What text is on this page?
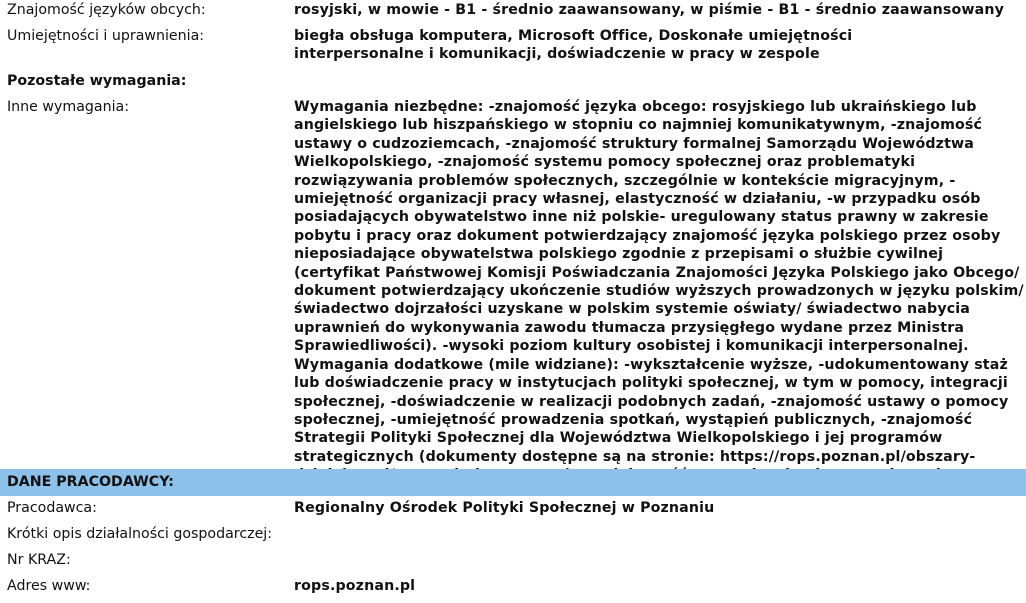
Znajomość języków obcych:	rosyjski, w mowie - B1 - średnio zaawansowany, w piśmie - B1 - średnio zaawansowany
Umiejętności i uprawnienia:	biegła obsługa komputera, Microsoft Office, Doskonałe umiejętności interpersonalne i komunikacji, doświadczenie w pracy w zespole
Pozostałe wymagania:
Inne wymagania:	Wymagania niezbędne: -znajomość języka obcego: rosyjskiego lub ukraińskiego lub angielskiego lub hiszpańskiego w stopniu co najmniej komunikatywnym, -znajomość ustawy o cudzoziemcach, -znajomość struktury formalnej Samorządu Województwa Wielkopolskiego, -znajomość systemu pomocy społecznej oraz problematyki rozwiązywania problemów społecznych, szczególnie w kontekście migracyjnym, -umiejętność organizacji pracy własnej, elastyczność w działaniu, -w przypadku osób posiadających obywatelstwo inne niż polskie- uregulowany status prawny w zakresie pobytu i pracy oraz dokument potwierdzający znajomość języka polskiego przez osoby nieposiadające obywatelstwa polskiego zgodnie z przepisami o służbie cywilnej (certyfikat Państwowej Komisji Poświadczania Znajomości Języka Polskiego jako Obcego/ dokument potwierdzający ukończenie studiów wyższych prowadzonych w języku polskim/ świadectwo dojrzałości uzyskane w polskim systemie oświaty/ świadectwo nabycia uprawnień do wykonywania zawodu tłumacza przysięgłego wydane przez Ministra Sprawiedliwości). -wysoki poziom kultury osobistej i komunikacji interpersonalnej. Wymagania dodatkowe (mile widziane): -wykształcenie wyższe, -udokumentowany staż lub doświadczenie pracy w instytucjach polityki społecznej, w tym w pomocy, integracji społecznej, -doświadczenie w realizacji podobnych zadań, -znajomość ustawy o pomocy społecznej, -umiejętność prowadzenia spotkań, wystąpień publicznych, -znajomość Strategii Polityki Społecznej dla Województwa Wielkopolskiego i jej programów strategicznych (dokumenty dostępne są na stronie: https://rops.poznan.pl/obszary-
DANE PRACODAWCY:
Pracodawca:	Regionalny Ośrodek Polityki Społecznej w Poznaniu
Krótki opis działalności gospodarczej:
Nr KRAZ:
Adres www:	rops.poznan.pl
